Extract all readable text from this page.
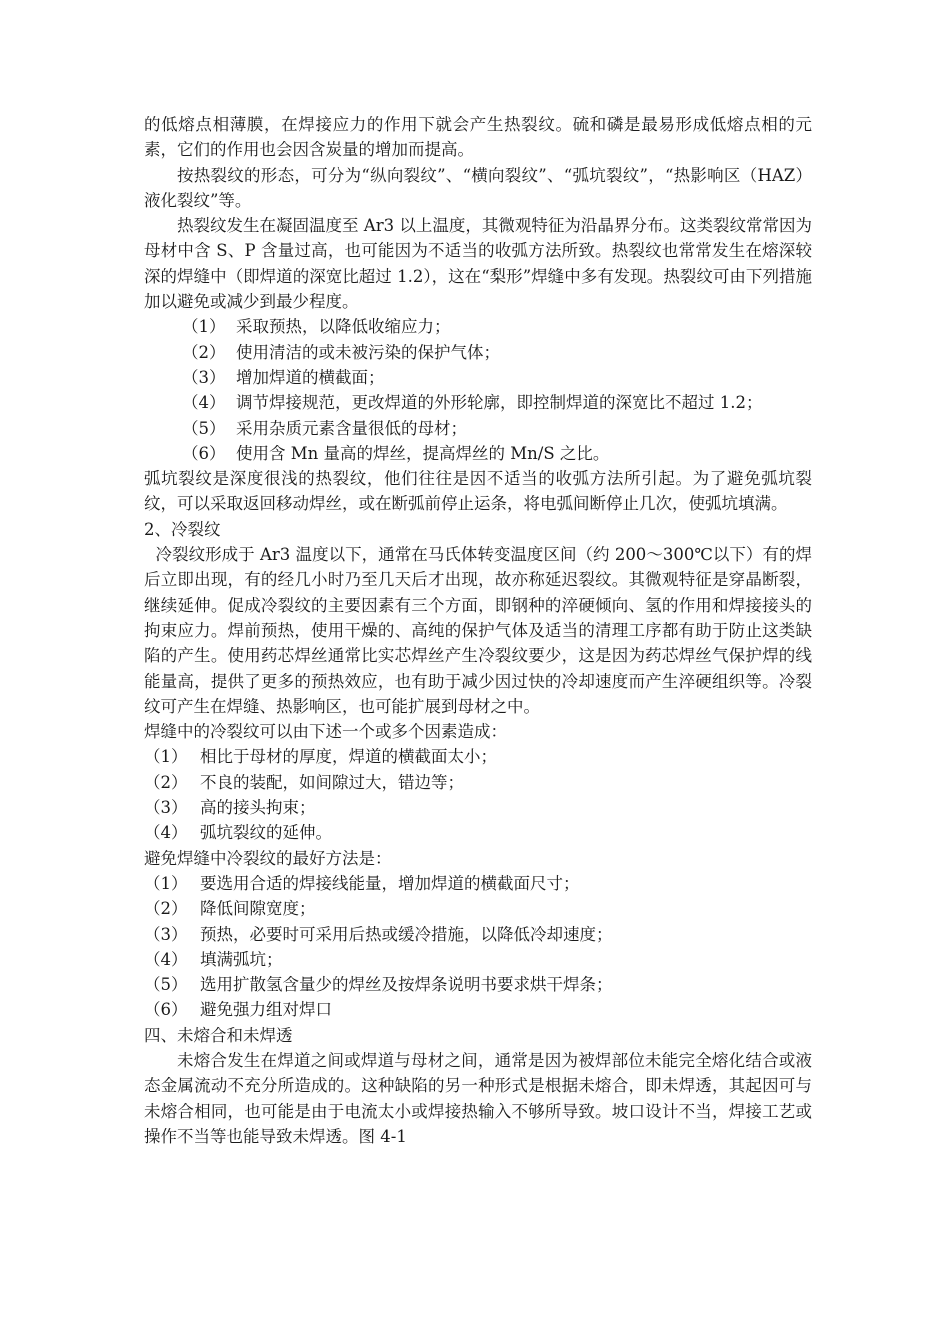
的低熔点相薄膜，在焊接应力的作用下就会产生热裂纹。硫和磷是最易形成低熔点相的元素，它们的作用也会因含炭量的增加而提高。

按热裂纹的形态，可分为“纵向裂纹”、“横向裂纹”、“弧坑裂纹”，“热影响区（HAZ）液化裂纹”等。

热裂纹发生在凝固温度至 Ar3 以上温度，其微观特征为沿晶界分布。这类裂纹常常因为母材中含 S、P 含量过高，也可能因为不适当的收弧方法所致。热裂纹也常常发生在熔深较深的焊缝中（即焊道的深宽比超过 1.2），这在“梨形”焊缝中多有发现。热裂纹可由下列措施加以避免或减少到最少程度。

（1） 采取预热，以降低收缩应力；
（2） 使用清洁的或未被污染的保护气体；
（3） 增加焊道的横截面；
（4） 调节焊接规范，更改焊道的外形轮廓，即控制焊道的深宽比不超过 1.2；
（5） 采用杂质元素含量很低的母材；
（6） 使用含 Mn 量高的焊丝，提高焊丝的 Mn/S 之比。

弧坑裂纹是深度很浅的热裂纹，他们往往是因不适当的收弧方法所引起。为了避免弧坑裂纹，可以采取返回移动焊丝，或在断弧前停止运条，将电弧间断停止几次，使弧坑填满。

2、冷裂纹

冷裂纹形成于 Ar3 温度以下，通常在马氏体转变温度区间（约 200～300℃以下）有的焊后立即出现，有的经几小时乃至几天后才出现，故亦称延迟裂纹。其微观特征是穿晶断裂，继续延伸。促成冷裂纹的主要因素有三个方面，即钢种的淬硬倾向、氢的作用和焊接接头的拘束应力。焊前预热，使用干燥的、高纯的保护气体及适当的清理工序都有助于防止这类缺陷的产生。使用药芯焊丝通常比实芯焊丝产生冷裂纹要少，这是因为药芯焊丝气保护焊的线能量高，提供了更多的预热效应，也有助于减少因过快的冷却速度而产生淬硬组织等。冷裂纹可产生在焊缝、热影响区，也可能扩展到母材之中。

焊缝中的冷裂纹可以由下述一个或多个因素造成：

（1） 相比于母材的厚度，焊道的横截面太小；
（2） 不良的装配，如间隙过大，错边等；
（3） 高的接头拘束；
（4） 弧坑裂纹的延伸。

避免焊缝中冷裂纹的最好方法是：

（1） 要选用合适的焊接线能量，增加焊道的横截面尺寸；
（2） 降低间隙宽度；
（3） 预热，必要时可采用后热或缓冷措施，以降低冷却速度；
（4） 填满弧坑；
（5） 选用扩散氢含量少的焊丝及按焊条说明书要求烘干焊条；
（6） 避免强力组对焊口

四、未熔合和未焊透

未熔合发生在焊道之间或焊道与母材之间，通常是因为被焊部位未能完全熔化结合或液态金属流动不充分所造成的。这种缺陷的另一种形式是根据未熔合，即未焊透，其起因可与未熔合相同，也可能是由于电流太小或焊接热输入不够所导致。坡口设计不当，焊接工艺或操作不当等也能导致未焊透。图 4-1
